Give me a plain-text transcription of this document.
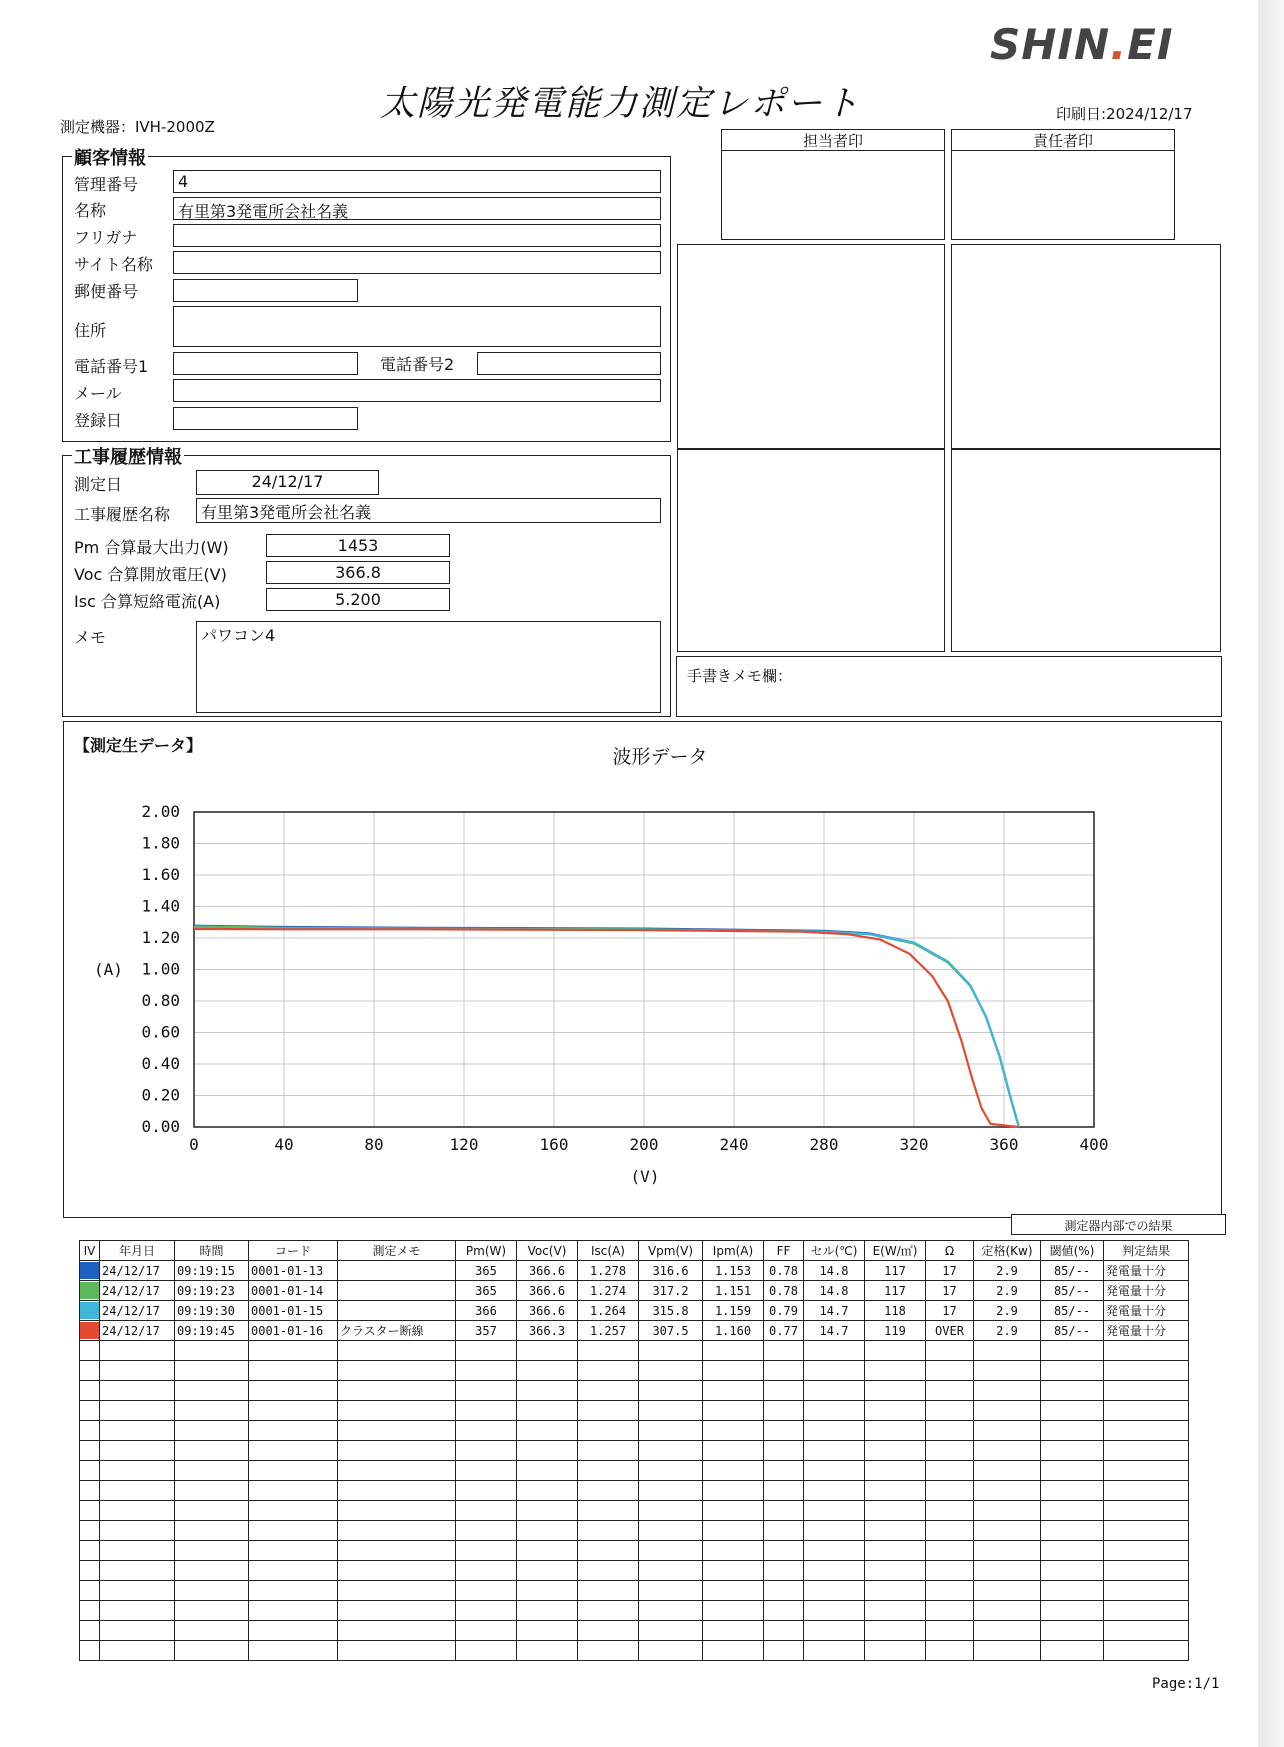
SHIN.EI
太陽光発電能力測定レポート
測定機器：IVH-2000Z
印刷日:2024/12/17
担当者印	責任者印
手書きメモ欄：
顧客情報
管理番号	4
名称	有里第3発電所会社名義
フリガナ
サイト名称
郵便番号
住所
電話番号1	電話番号2
メール
登録日
工事履歴情報
測定日	24/12/17
工事履歴名称	有里第3発電所会社名義
Pm 合算最大出力(W)	1453
Voc 合算開放電圧(V)	366.8
Isc 合算短絡電流(A)	5.200
メモ	パワコン4
【測定生データ】
波形データ
(A)
(V)
0	40	80	120	160	200	240	280	320	360	400
0.00
0.20
0.40
0.60
0.80
1.00
1.20
1.40
1.60
1.80
2.00
測定器内部での結果
IV	年月日	時間	コード	測定メモ	Pm(W)	Voc(V)	Isc(A)	Vpm(V)	Ipm(A)	FF	セル(℃)	E(W/㎡)	Ω	定格(Kw)	閾値(%)	判定結果

	24/12/17	09:19:15	0001-01-13		365	366.6	1.278	316.6	1.153	0.78	14.8	117	17	2.9	85/--	発電量十分

	24/12/17	09:19:23	0001-01-14		365	366.6	1.274	317.2	1.151	0.78	14.8	117	17	2.9	85/--	発電量十分

	24/12/17	09:19:30	0001-01-15		366	366.6	1.264	315.8	1.159	0.79	14.7	118	17	2.9	85/--	発電量十分

	24/12/17	09:19:45	0001-01-16	クラスター断線	357	366.3	1.257	307.5	1.160	0.77	14.7	119	OVER	2.9	85/--	発電量十分

Page:1/1
